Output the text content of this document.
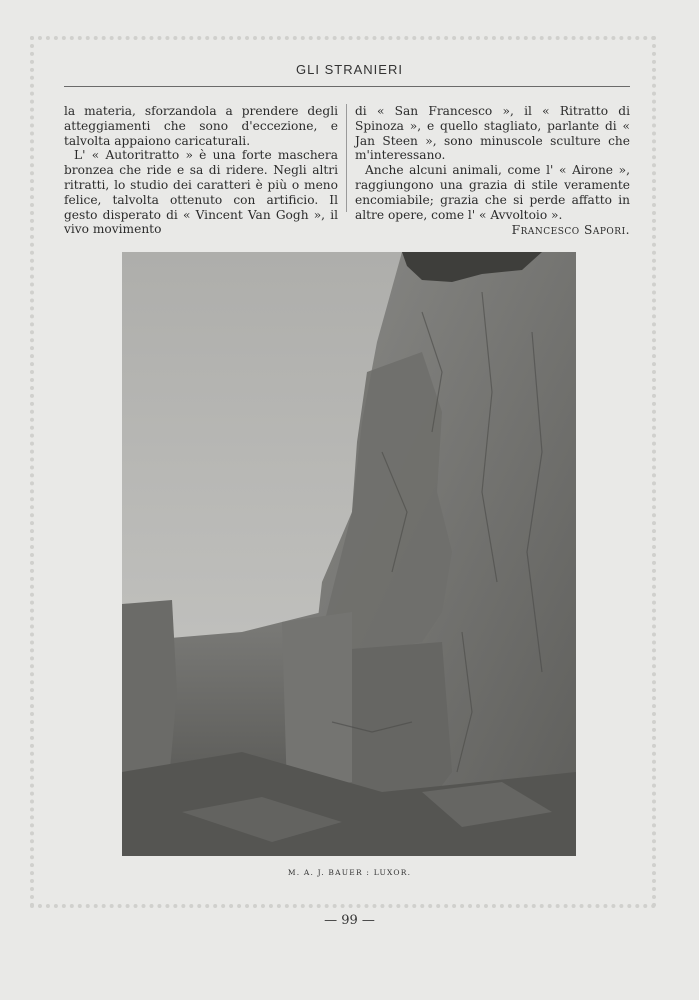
GLI STRANIERI

la materia, sforzandola a prendere degli atteggiamenti che sono d'eccezione, e talvolta appaiono caricaturali.

L' « Autoritratto » è una forte maschera bronzea che ride e sa di ridere. Negli altri ritratti, lo studio dei caratteri è più o meno felice, talvolta ottenuto con artificio. Il gesto disperato di « Vincent Van Gogh », il vivo movimento

di « San Francesco », il « Ritratto di Spinoza », e quello stagliato, parlante di « Jan Steen », sono minuscole sculture che m'interessano.

Anche alcuni animali, come l' « Airone », raggiungono una grazia di stile veramente encomiabile; grazia che si perde affatto in altre opere, come l' « Avvoltoio ».

Francesco Sapori.
M. A. J. BAUER : LUXOR.
— 99 —
